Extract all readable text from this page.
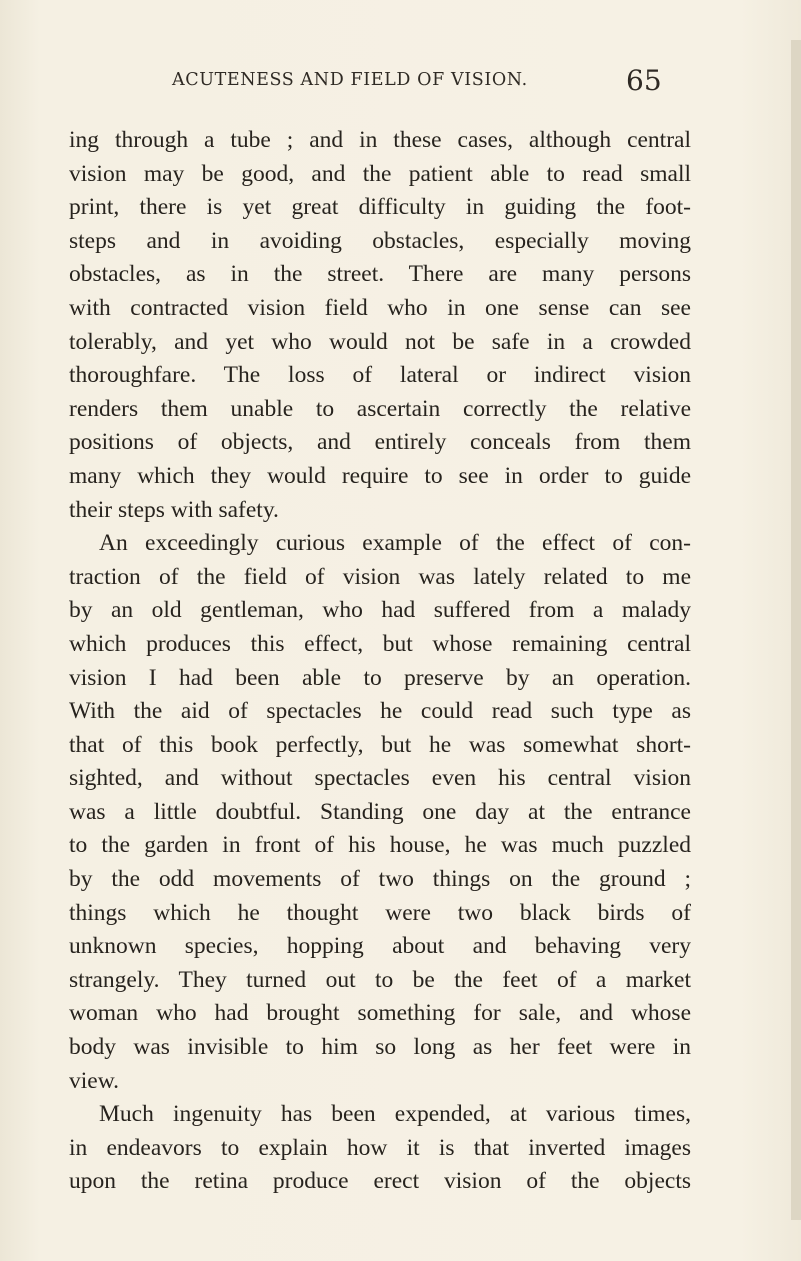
ACUTENESS AND FIELD OF VISION.	65
ing through a tube ; and in these cases, although central
vision may be good, and the patient able to read small
print, there is yet great difficulty in guiding the foot-
steps and in avoiding obstacles, especially moving
obstacles, as in the street. There are many persons
with contracted vision field who in one sense can see
tolerably, and yet who would not be safe in a crowded
thoroughfare. The loss of lateral or indirect vision
renders them unable to ascertain correctly the relative
positions of objects, and entirely conceals from them
many which they would require to see in order to guide
their steps with safety.
An exceedingly curious example of the effect of con-
traction of the field of vision was lately related to me
by an old gentleman, who had suffered from a malady
which produces this effect, but whose remaining central
vision I had been able to preserve by an operation.
With the aid of spectacles he could read such type as
that of this book perfectly, but he was somewhat short-
sighted, and without spectacles even his central vision
was a little doubtful. Standing one day at the entrance
to the garden in front of his house, he was much puzzled
by the odd movements of two things on the ground ;
things which he thought were two black birds of
unknown species, hopping about and behaving very
strangely. They turned out to be the feet of a market
woman who had brought something for sale, and whose
body was invisible to him so long as her feet were in
view.
Much ingenuity has been expended, at various times,
in endeavors to explain how it is that inverted images
upon the retina produce erect vision of the objects
